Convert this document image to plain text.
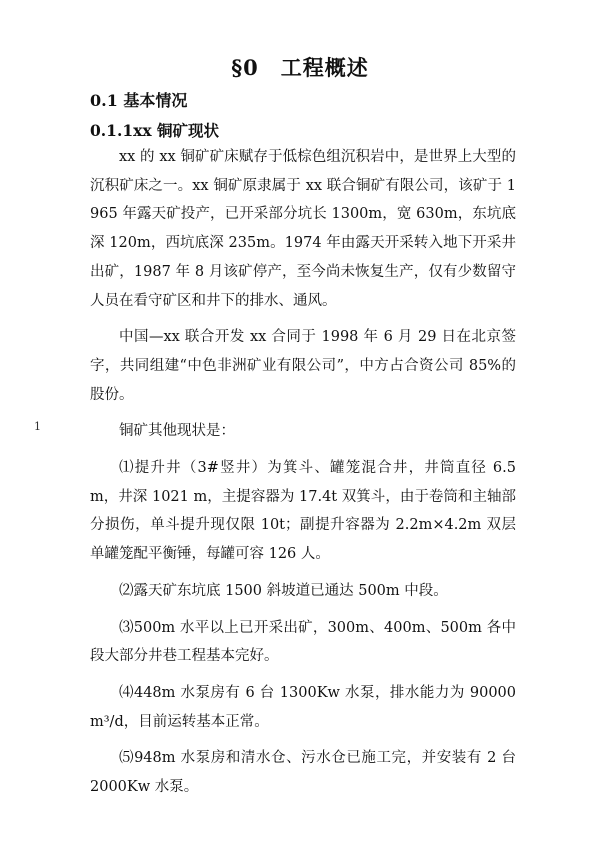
1
§0 工程概述
0.1 基本情况
0.1.1xx 铜矿现状

xx 的 xx 铜矿矿床赋存于低棕色组沉积岩中，是世界上大型的沉积矿床之一。xx 铜矿原隶属于 xx 联合铜矿有限公司，该矿于 1965 年露天矿投产，已开采部分坑长 1300m，宽 630m，东坑底深 120m，西坑底深 235m。1974 年由露天开采转入地下开采井出矿，1987 年 8 月该矿停产，至今尚未恢复生产，仅有少数留守人员在看守矿区和井下的排水、通风。

中国—xx 联合开发 xx 合同于 1998 年 6 月 29 日在北京签字，共同组建“中色非洲矿业有限公司”，中方占合资公司 85%的股份。

铜矿其他现状是：

⑴提升井（3#竖井）为箕斗、罐笼混合井，井筒直径 6.5 m，井深 1021 m，主提容器为 17.4t 双箕斗，由于卷筒和主轴部分损伤，单斗提升现仅限 10t；副提升容器为 2.2m×4.2m 双层单罐笼配平衡锤，每罐可容 126 人。

⑵露天矿东坑底 1500 斜坡道已通达 500m 中段。

⑶500m 水平以上已开采出矿，300m、400m、500m 各中段大部分井巷工程基本完好。

⑷448m 水泵房有 6 台 1300Kw 水泵，排水能力为 90000m³/d，目前运转基本正常。

⑸948m 水泵房和清水仓、污水仓已施工完，并安装有 2 台 2000Kw 水泵。
